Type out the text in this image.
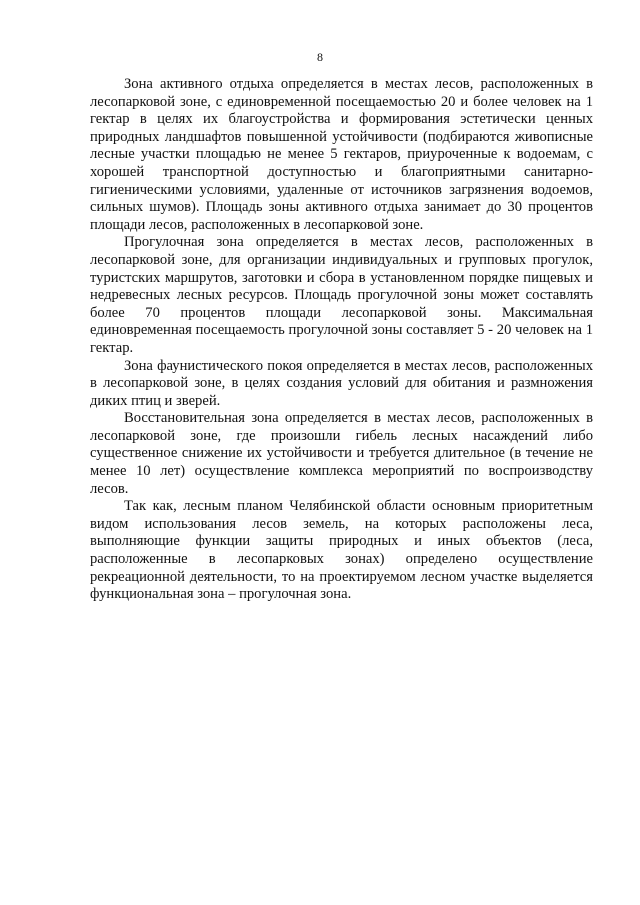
8

Зона активного отдыха определяется в местах лесов, расположенных в лесопарковой зоне, с единовременной посещаемостью 20 и более человек на 1 гектар в целях их благоустройства и формирования эстетически ценных природных ландшафтов повышенной устойчивости (подбираются живописные лесные участки площадью не менее 5 гектаров, приуроченные к водоемам, с хорошей транспортной доступностью и благоприятными санитарно-гигиеническими условиями, удаленные от источников загрязнения водоемов, сильных шумов). Площадь зоны активного отдыха занимает до 30 процентов площади лесов, расположенных в лесопарковой зоне.

Прогулочная зона определяется в местах лесов, расположенных в лесопарковой зоне, для организации индивидуальных и групповых прогулок, туристских маршрутов, заготовки и сбора в установленном порядке пищевых и недревесных лесных ресурсов. Площадь прогулочной зоны может составлять более 70 процентов площади лесопарковой зоны. Максимальная единовременная посещаемость прогулочной зоны составляет 5 - 20 человек на 1 гектар.

Зона фаунистического покоя определяется в местах лесов, расположенных в лесопарковой зоне, в целях создания условий для обитания и размножения диких птиц и зверей.

Восстановительная зона определяется в местах лесов, расположенных в лесопарковой зоне, где произошли гибель лесных насаждений либо существенное снижение их устойчивости и требуется длительное (в течение не менее 10 лет) осуществление комплекса мероприятий по воспроизводству лесов.

Так как, лесным планом Челябинской области основным приоритетным видом использования лесов земель, на которых расположены леса, выполняющие функции защиты природных и иных объектов (леса, расположенные в лесопарковых зонах) определено осуществление рекреационной деятельности, то на проектируемом лесном участке выделяется функциональная зона – прогулочная зона.
